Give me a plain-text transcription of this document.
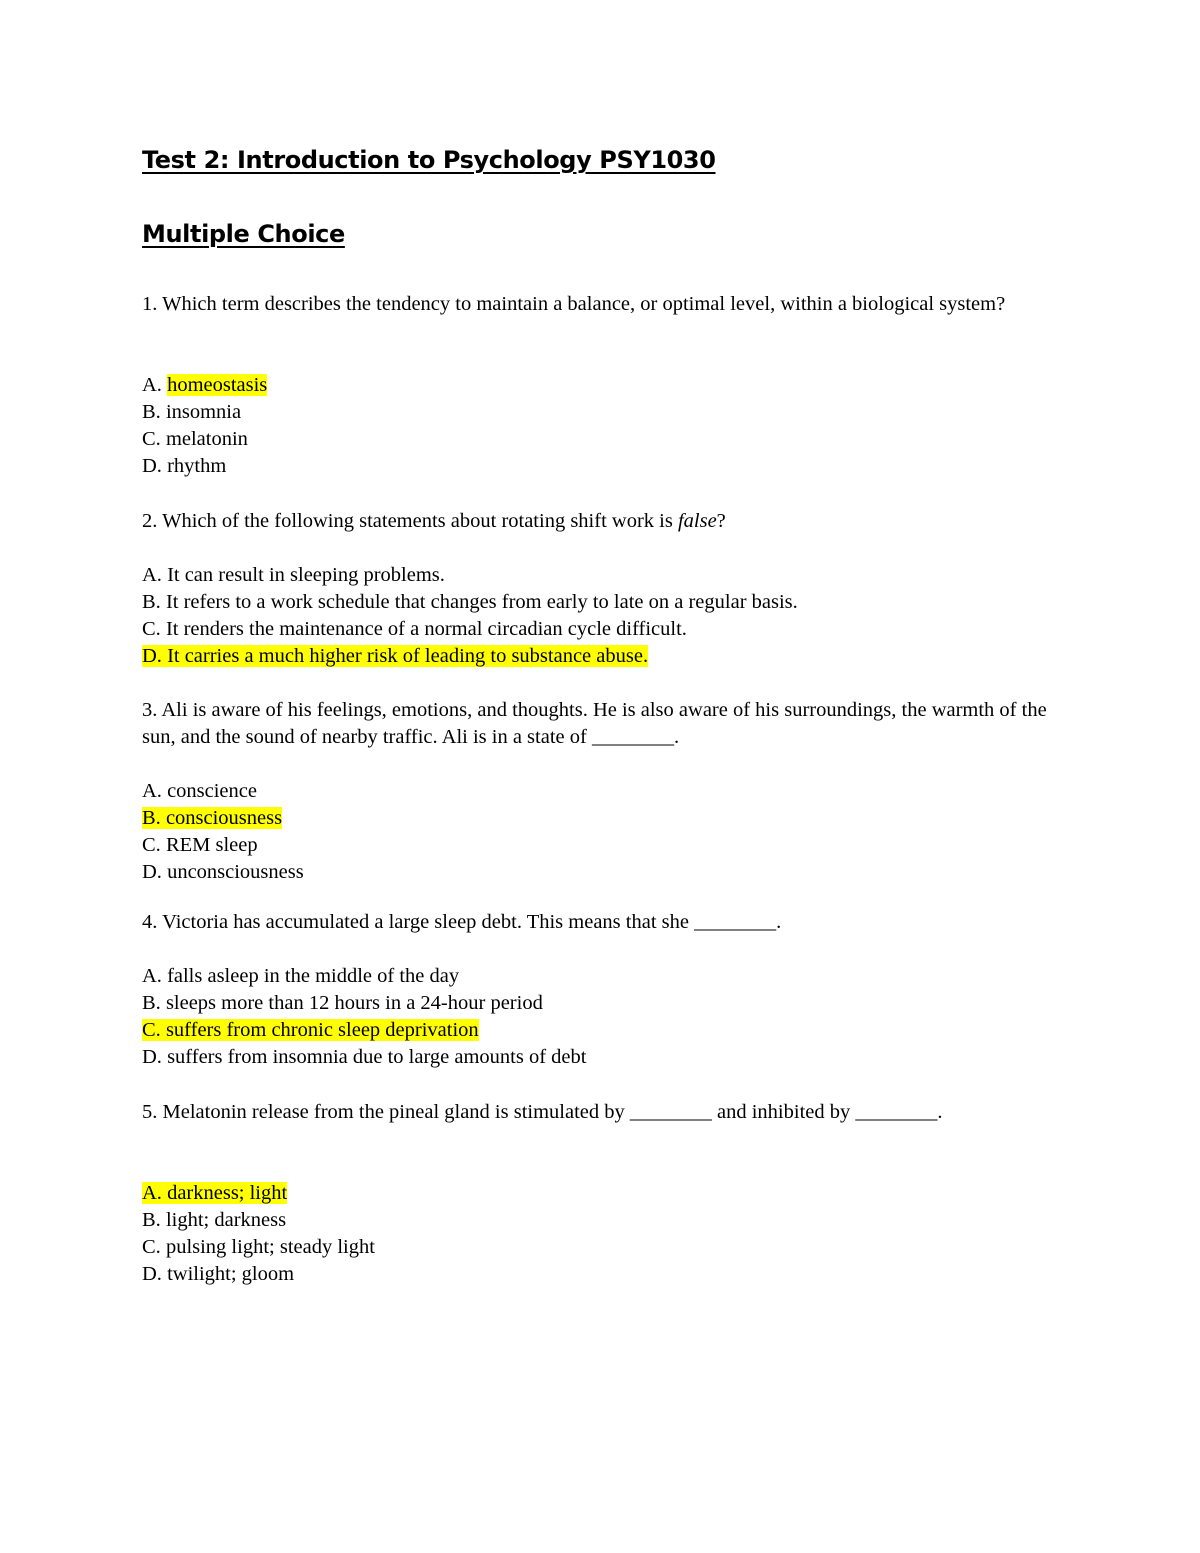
Test 2: Introduction to Psychology PSY1030
Multiple Choice

1. Which term describes the tendency to maintain a balance, or optimal level, within a biological system?

A. homeostasis
B. insomnia
C. melatonin
D. rhythm

2. Which of the following statements about rotating shift work is false?

A. It can result in sleeping problems.
B. It refers to a work schedule that changes from early to late on a regular basis.
C. It renders the maintenance of a normal circadian cycle difficult.
D. It carries a much higher risk of leading to substance abuse.

3. Ali is aware of his feelings, emotions, and thoughts. He is also aware of his surroundings, the warmth of the sun, and the sound of nearby traffic. Ali is in a state of ________.

A. conscience
B. consciousness
C. REM sleep
D. unconsciousness

4. Victoria has accumulated a large sleep debt. This means that she ________.

A. falls asleep in the middle of the day
B. sleeps more than 12 hours in a 24-hour period
C. suffers from chronic sleep deprivation
D. suffers from insomnia due to large amounts of debt

5. Melatonin release from the pineal gland is stimulated by ________ and inhibited by ________.

A. darkness; light
B. light; darkness
C. pulsing light; steady light
D. twilight; gloom
